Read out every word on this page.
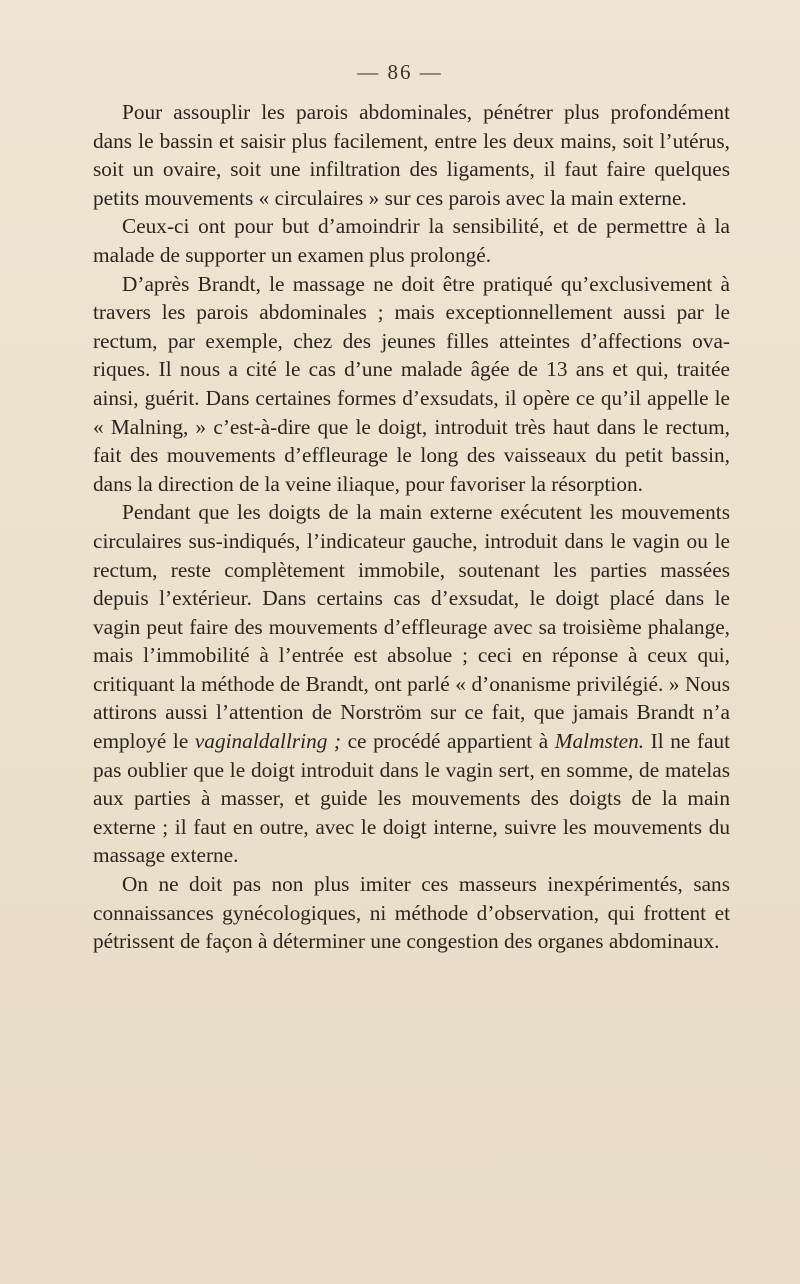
— 86 —

Pour assouplir les parois abdominales, pénétrer plus profondément dans le bassin et saisir plus facilement, entre les deux mains, soit l’utérus, soit un ovaire, soit une infiltration des ligaments, il faut faire quelques petits mouvements « circulaires » sur ces parois avec la main externe.

Ceux-ci ont pour but d’amoindrir la sensibilité, et de permettre à la malade de supporter un examen plus prolongé.

D’après Brandt, le massage ne doit être pratiqué qu’exclusivement à travers les parois abdominales ; mais exceptionnellement aussi par le rectum, par exemple, chez des jeunes filles atteintes d’affections ovariques. Il nous a cité le cas d’une malade âgée de 13 ans et qui, traitée ainsi, guérit. Dans certaines formes d’exsudats, il opère ce qu’il appelle le « Malning, » c’est-à-dire que le doigt, introduit très haut dans le rectum, fait des mouvements d’effleurage le long des vaisseaux du petit bassin, dans la direction de la veine iliaque, pour favoriser la résorption.

Pendant que les doigts de la main externe exécutent les mouvements circulaires sus-indiqués, l’indicateur gauche, introduit dans le vagin ou le rectum, reste complètement immobile, soutenant les parties massées depuis l’extérieur. Dans certains cas d’exsudat, le doigt placé dans le vagin peut faire des mouvements d’effleurage avec sa troisième phalange, mais l’immobilité à l’entrée est absolue ; ceci en réponse à ceux qui, critiquant la méthode de Brandt, ont parlé « d’onanisme privilégié. » Nous attirons aussi l’attention de Norström sur ce fait, que jamais Brandt n’a employé le vaginaldallring ; ce procédé appartient à Malmsten. Il ne faut pas oublier que le doigt introduit dans le vagin sert, en somme, de matelas aux parties à masser, et guide les mouvements des doigts de la main externe ; il faut en outre, avec le doigt interne, suivre les mouvements du massage externe.

On ne doit pas non plus imiter ces masseurs inexpérimentés, sans connaissances gynécologiques, ni méthode d’observation, qui frottent et pétrissent de façon à déterminer une congestion des organes abdominaux.
